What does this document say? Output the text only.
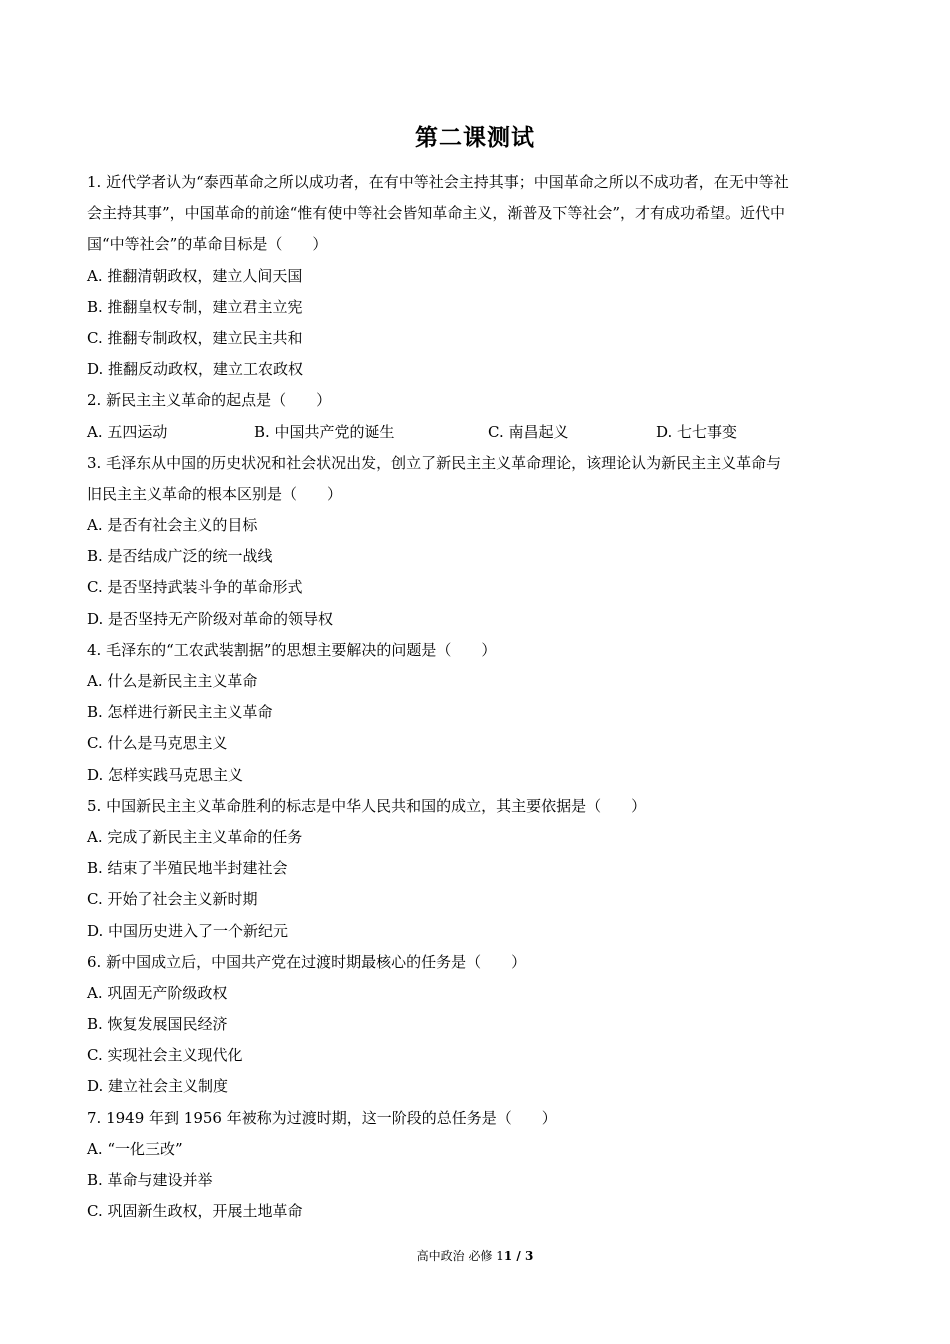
第二课测试
1. 近代学者认为“泰西革命之所以成功者，在有中等社会主持其事；中国革命之所以不成功者，在无中等社
会主持其事”，中国革命的前途“惟有使中等社会皆知革命主义，渐普及下等社会”，才有成功希望。近代中
国“中等社会”的革命目标是（　　）
A. 推翻清朝政权，建立人间天国
B. 推翻皇权专制，建立君主立宪
C. 推翻专制政权，建立民主共和
D. 推翻反动政权，建立工农政权
2. 新民主主义革命的起点是（　　）
A. 五四运动	B. 中国共产党的诞生	C. 南昌起义	D. 七七事变
3. 毛泽东从中国的历史状况和社会状况出发，创立了新民主主义革命理论，该理论认为新民主主义革命与
旧民主主义革命的根本区别是（　　）
A. 是否有社会主义的目标
B. 是否结成广泛的统一战线
C. 是否坚持武装斗争的革命形式
D. 是否坚持无产阶级对革命的领导权
4. 毛泽东的“工农武装割据”的思想主要解决的问题是（　　）
A. 什么是新民主主义革命
B. 怎样进行新民主主义革命
C. 什么是马克思主义
D. 怎样实践马克思主义
5. 中国新民主主义革命胜利的标志是中华人民共和国的成立，其主要依据是（　　）
A. 完成了新民主主义革命的任务
B. 结束了半殖民地半封建社会
C. 开始了社会主义新时期
D. 中国历史进入了一个新纪元
6. 新中国成立后，中国共产党在过渡时期最核心的任务是（　　）
A. 巩固无产阶级政权
B. 恢复发展国民经济
C. 实现社会主义现代化
D. 建立社会主义制度
7. 1949 年到 1956 年被称为过渡时期，这一阶段的总任务是（　　）
A. “一化三改”
B. 革命与建设并举
C. 巩固新生政权，开展土地革命
高中政治 必修 11 / 3
